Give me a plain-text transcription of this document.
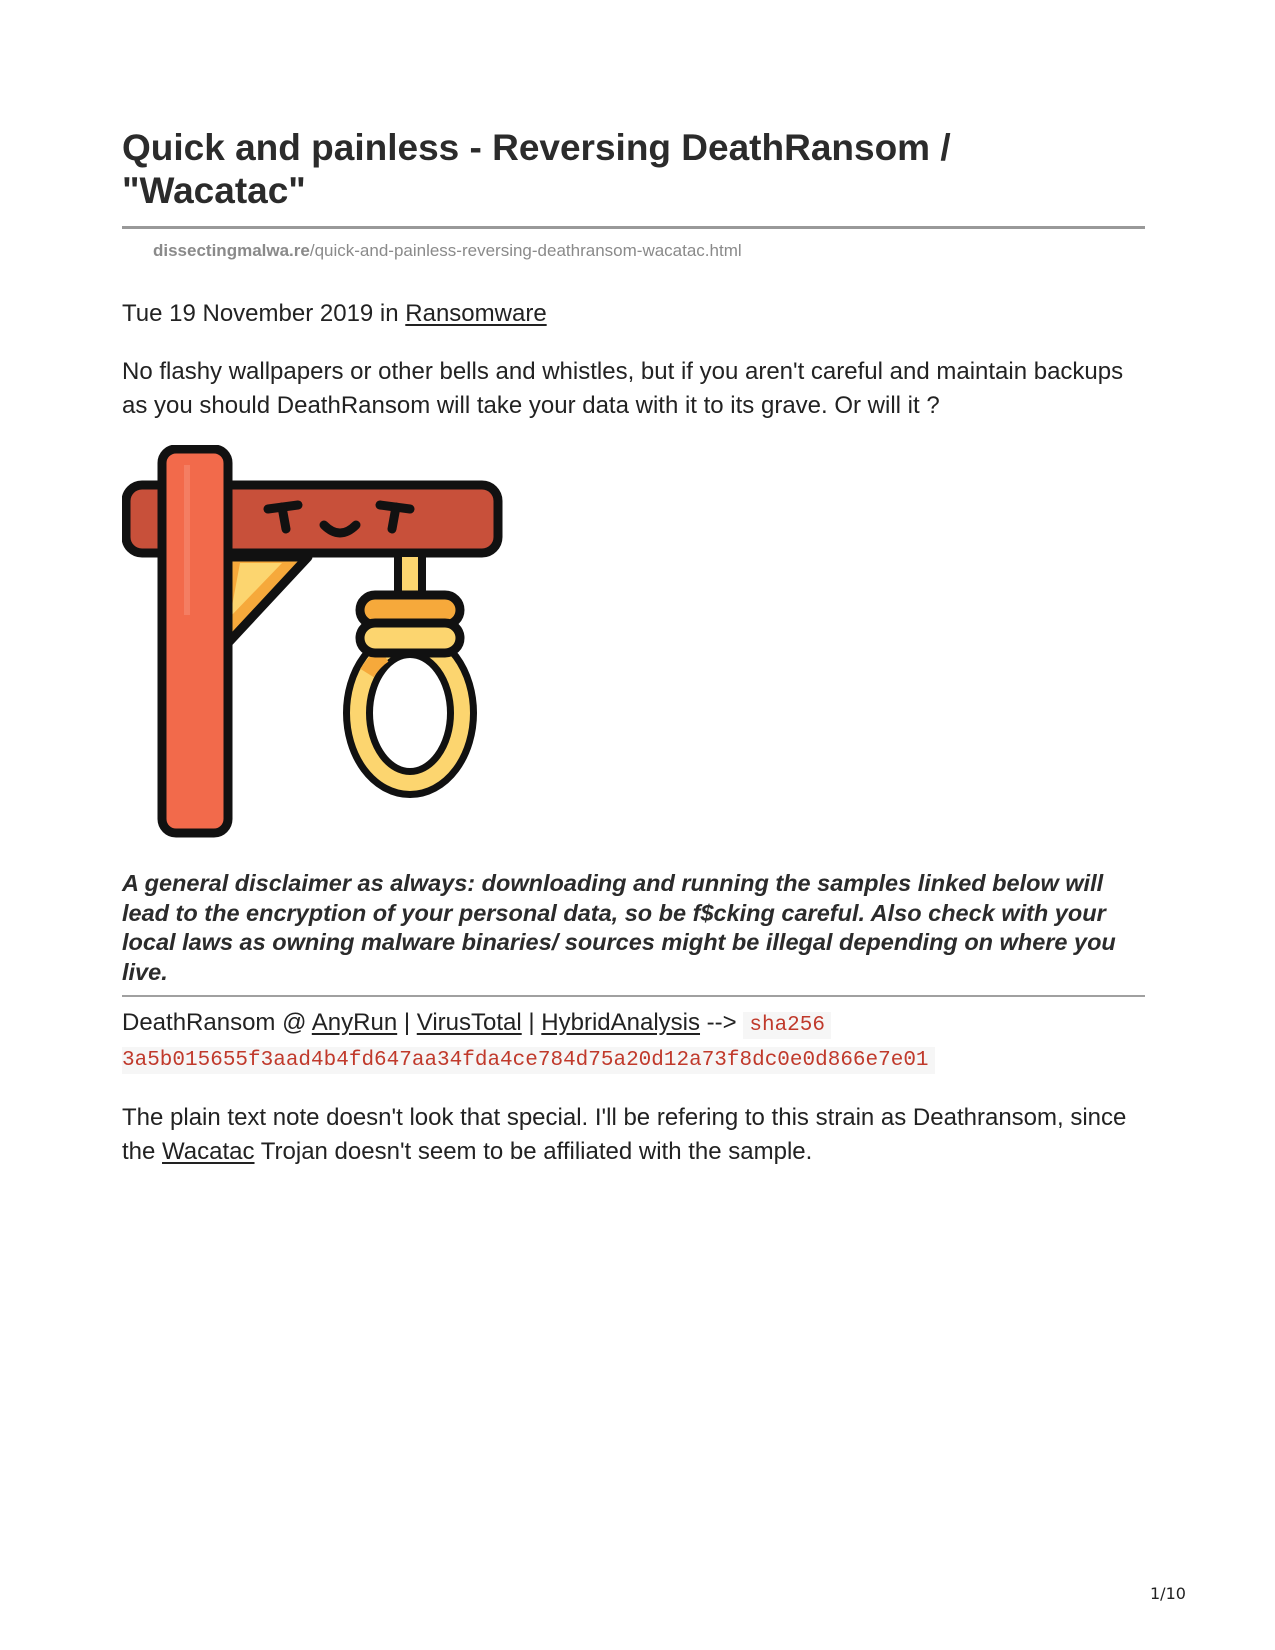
Quick and painless - Reversing DeathRansom / "Wacatac"
dissectingmalwa.re/quick-and-painless-reversing-deathransom-wacatac.html
Tue 19 November 2019 in Ransomware

No flashy wallpapers or other bells and whistles, but if you aren't careful and maintain backups as you should DeathRansom will take your data with it to its grave. Or will it ?

A general disclaimer as always: downloading and running the samples linked below will lead to the encryption of your personal data, so be f$cking careful. Also check with your local laws as owning malware binaries/ sources might be illegal depending on where you live.
DeathRansom @ AnyRun | VirusTotal | HybridAnalysis --> sha256
3a5b015655f3aad4b4fd647aa34fda4ce784d75a20d12a73f8dc0e0d866e7e01
The plain text note doesn't look that special. I'll be refering to this strain as Deathransom, since the Wacatac Trojan doesn't seem to be affiliated with the sample.
1/10
